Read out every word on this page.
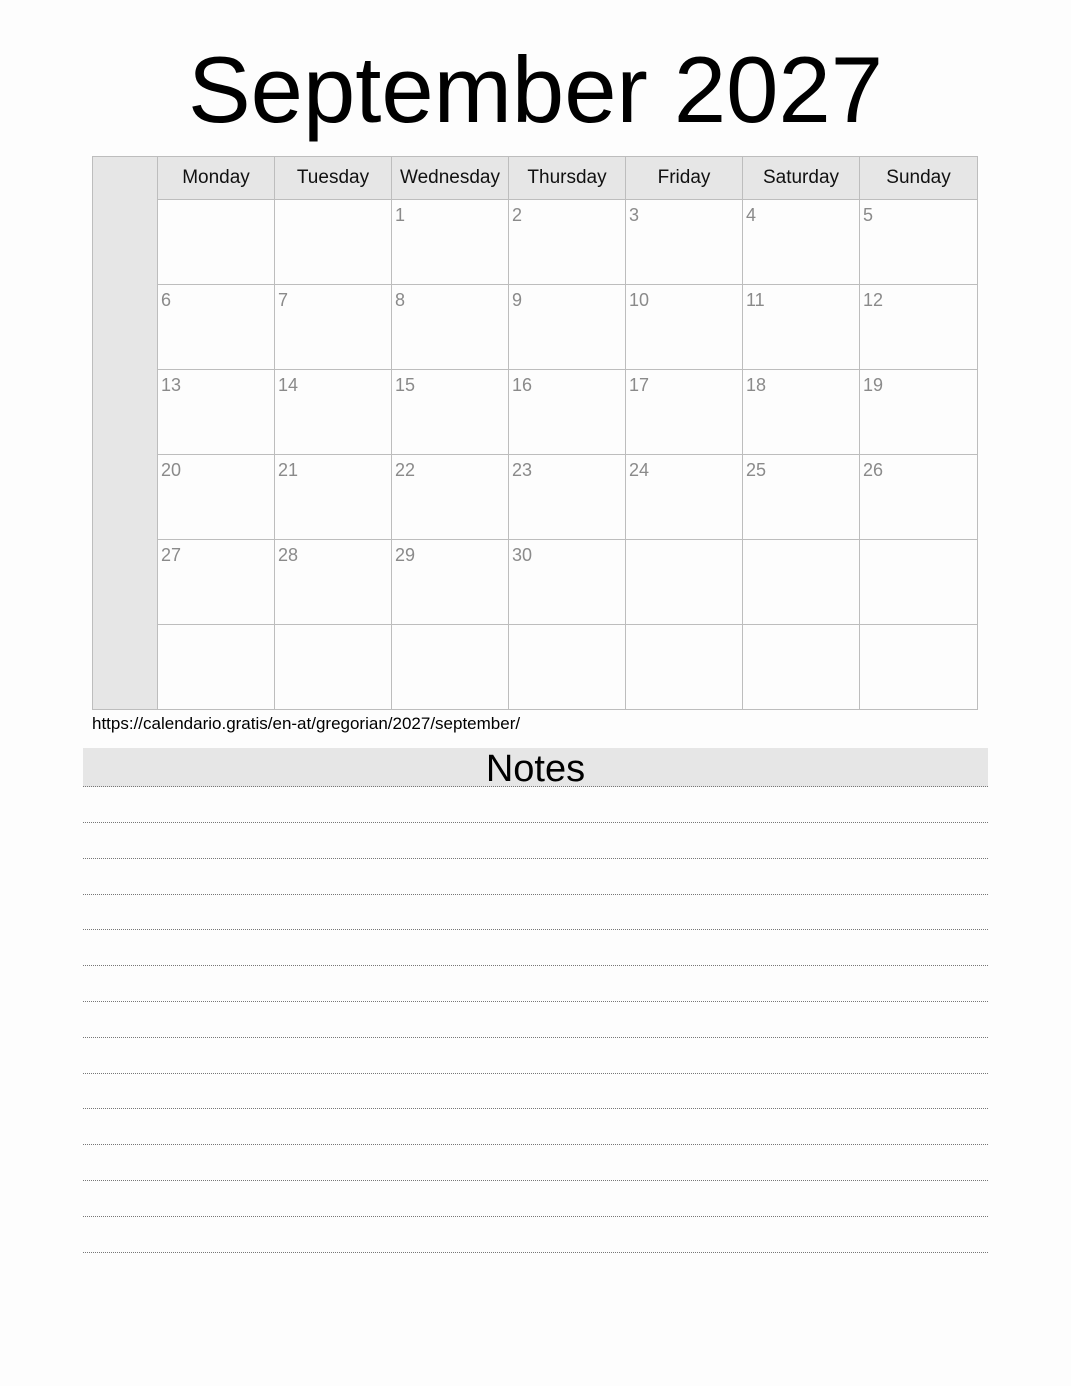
September 2027
Monday	Tuesday	Wednesday	Thursday	Friday	Saturday	Sunday

		1	2	3	4	5

6	7	8	9	10	11	12

13	14	15	16	17	18	19

20	21	22	23	24	25	26

27	28	29	30			

https://calendario.gratis/en-at/gregorian/2027/september/
Notes
